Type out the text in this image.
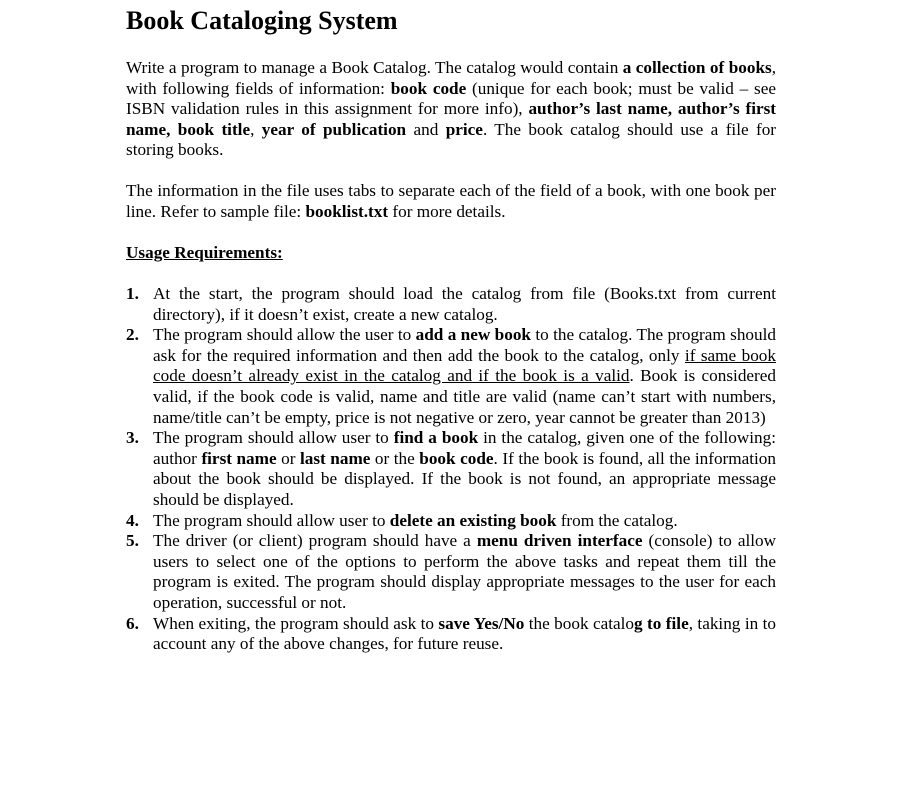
Book Cataloging System

Write a program to manage a Book Catalog. The catalog would contain a collection of books, with following fields of information: book code (unique for each book; must be valid – see ISBN validation rules in this assignment for more info), author’s last name, author’s first name, book title, year of publication and price. The book catalog should use a file for storing books.

The information in the file uses tabs to separate each of the field of a book, with one book per line. Refer to sample file: booklist.txt for more details.

Usage Requirements:

1. At the start, the program should load the catalog from file (Books.txt from current directory), if it doesn’t exist, create a new catalog.
2. The program should allow the user to add a new book to the catalog. The program should ask for the required information and then add the book to the catalog, only if same book code doesn’t already exist in the catalog and if the book is a valid. Book is considered valid, if the book code is valid, name and title are valid (name can’t start with numbers, name/title can’t be empty, price is not negative or zero, year cannot be greater than 2013)
3. The program should allow user to find a book in the catalog, given one of the following: author first name or last name or the book code. If the book is found, all the information about the book should be displayed. If the book is not found, an appropriate message should be displayed.
4. The program should allow user to delete an existing book from the catalog.
5. The driver (or client) program should have a menu driven interface (console) to allow users to select one of the options to perform the above tasks and repeat them till the program is exited. The program should display appropriate messages to the user for each operation, successful or not.
6. When exiting, the program should ask to save Yes/No the book catalog to file, taking in to account any of the above changes, for future reuse.
